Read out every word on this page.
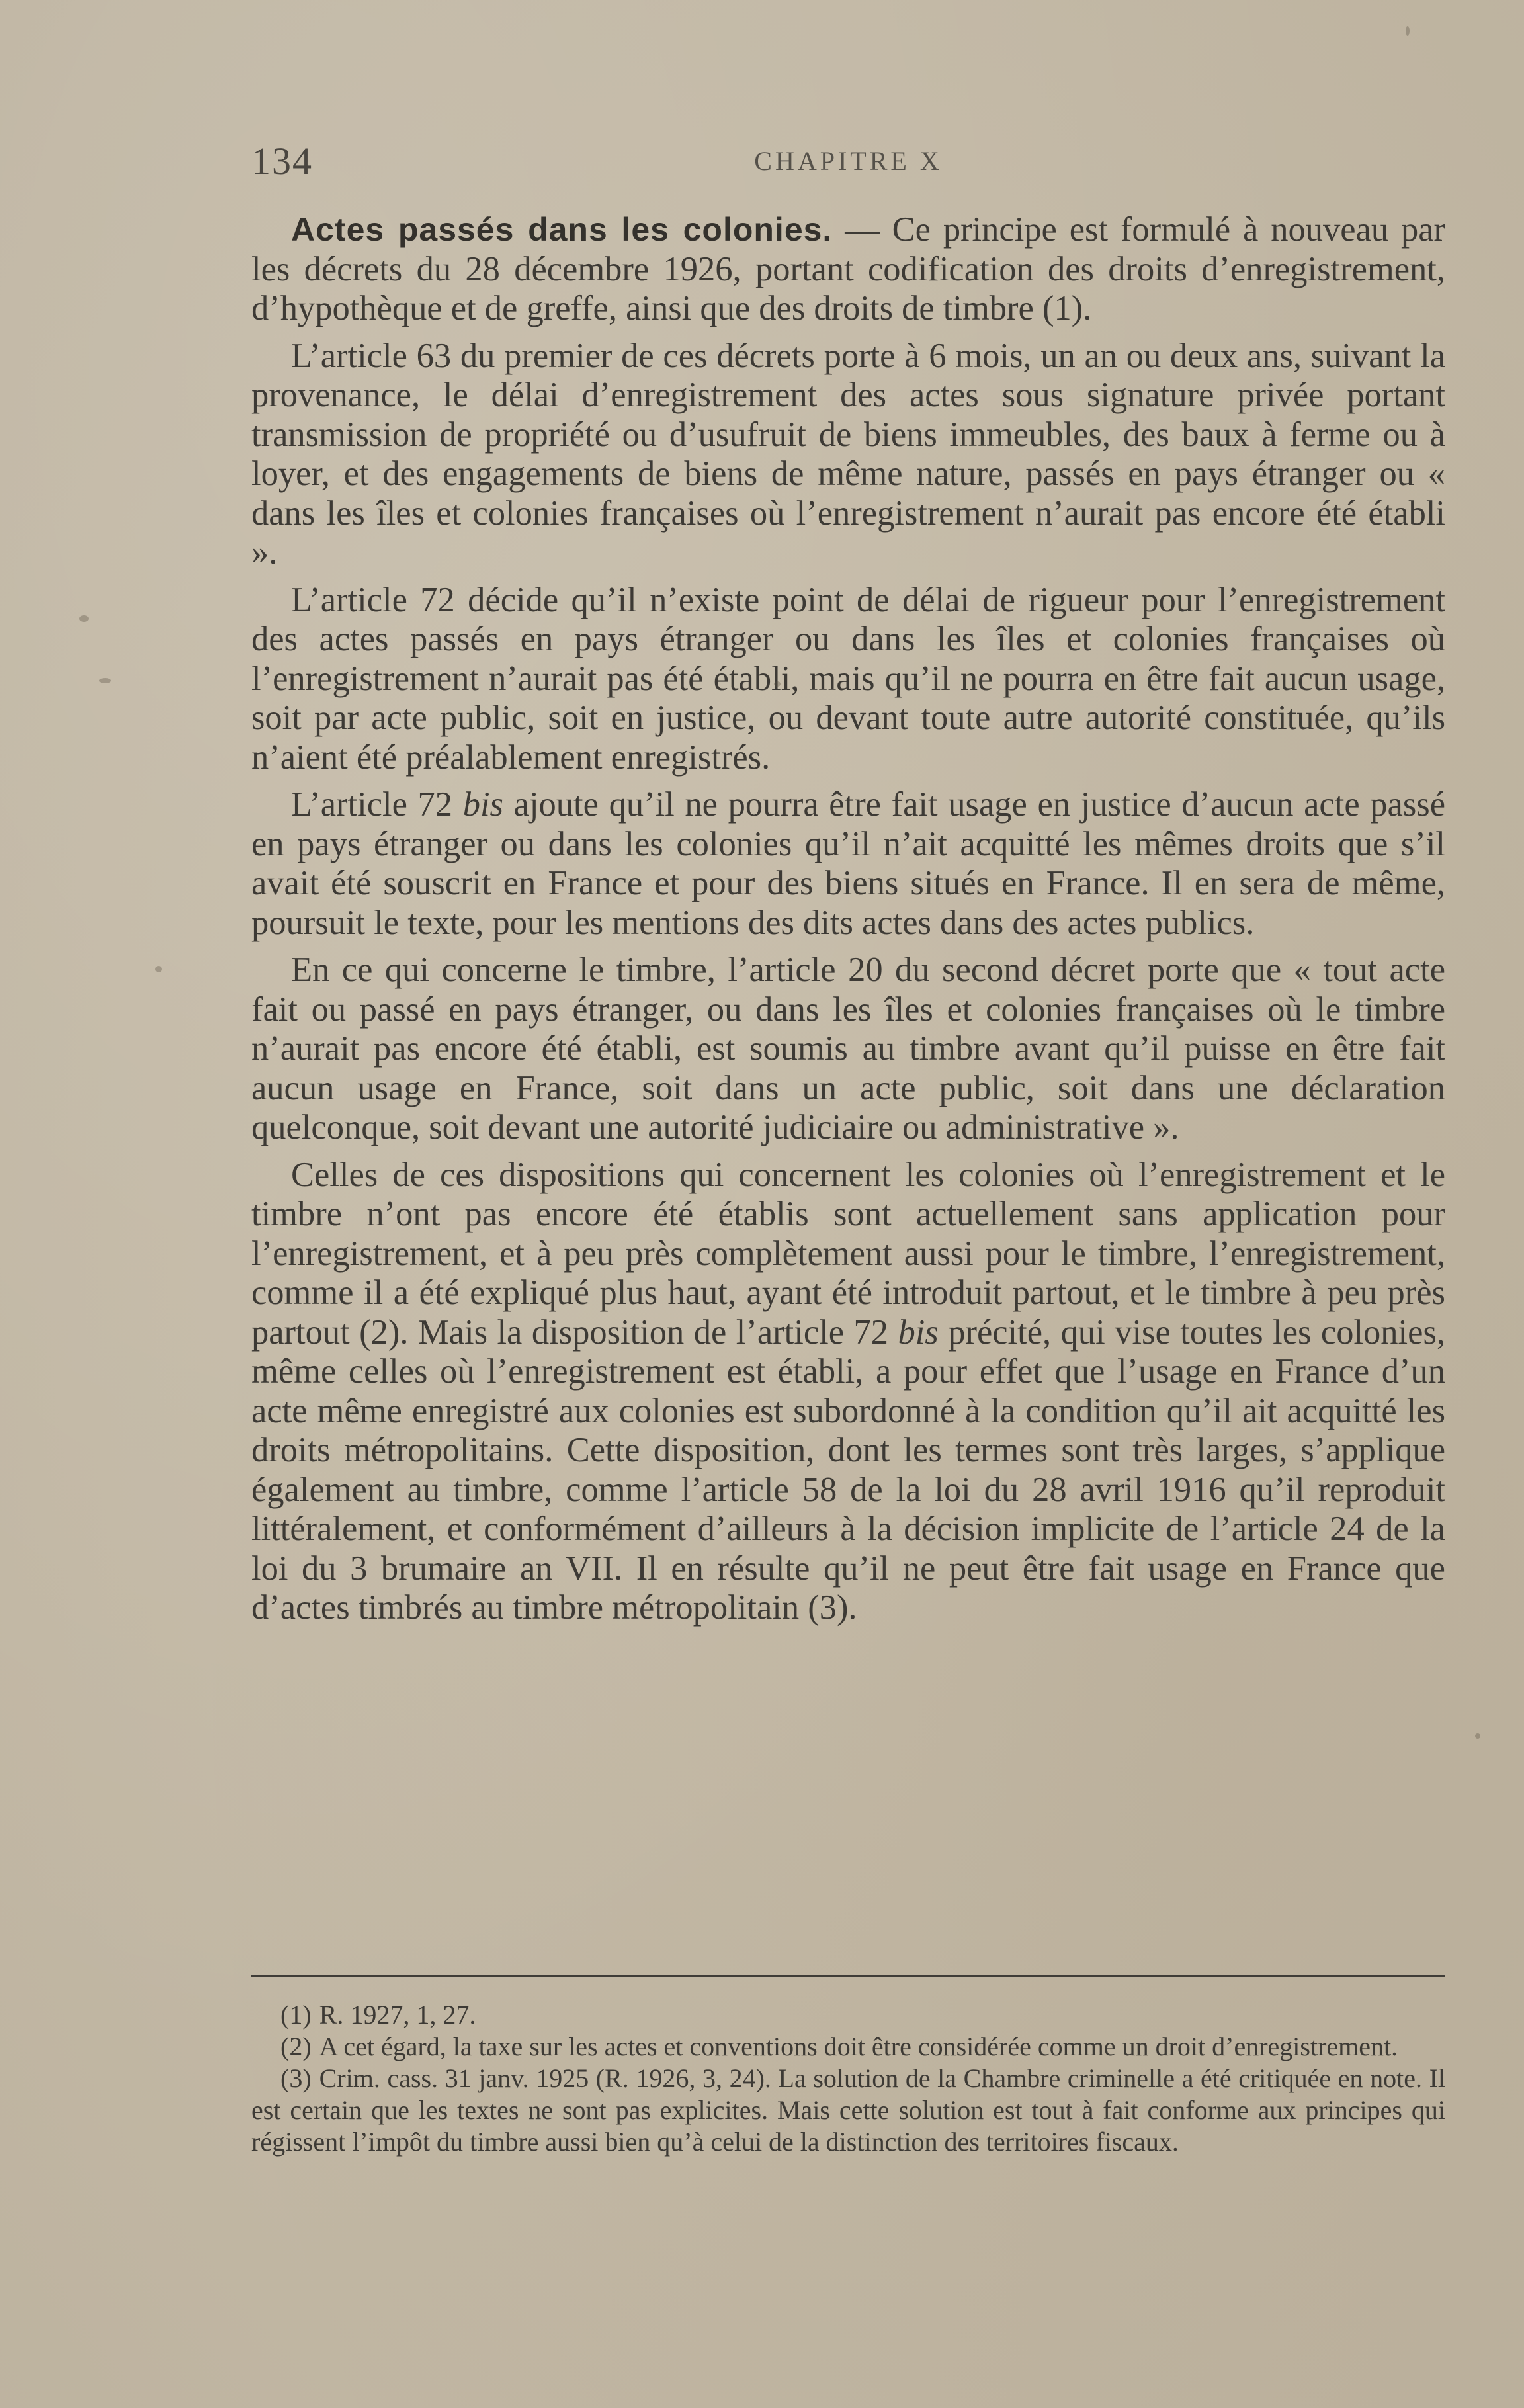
134	CHAPITRE X

Actes passés dans les colonies. — Ce principe est formulé à nouveau par les décrets du 28 décembre 1926, portant codification des droits d’enregistrement, d’hypothèque et de greffe, ainsi que des droits de timbre (1).

L’article 63 du premier de ces décrets porte à 6 mois, un an ou deux ans, suivant la provenance, le délai d’enregistrement des actes sous signature privée portant transmission de propriété ou d’usufruit de biens immeubles, des baux à ferme ou à loyer, et des engagements de biens de même nature, passés en pays étranger ou « dans les îles et colonies françaises où l’enregistrement n’aurait pas encore été établi ».

L’article 72 décide qu’il n’existe point de délai de rigueur pour l’enregistrement des actes passés en pays étranger ou dans les îles et colonies françaises où l’enregistrement n’aurait pas été établi, mais qu’il ne pourra en être fait aucun usage, soit par acte public, soit en justice, ou devant toute autre autorité constituée, qu’ils n’aient été préalablement enregistrés.

L’article 72 bis ajoute qu’il ne pourra être fait usage en justice d’aucun acte passé en pays étranger ou dans les colonies qu’il n’ait acquitté les mêmes droits que s’il avait été souscrit en France et pour des biens situés en France. Il en sera de même, poursuit le texte, pour les mentions des dits actes dans des actes publics.

En ce qui concerne le timbre, l’article 20 du second décret porte que « tout acte fait ou passé en pays étranger, ou dans les îles et colonies françaises où le timbre n’aurait pas encore été établi, est soumis au timbre avant qu’il puisse en être fait aucun usage en France, soit dans un acte public, soit dans une déclaration quelconque, soit devant une autorité judiciaire ou administrative ».

Celles de ces dispositions qui concernent les colonies où l’enregistrement et le timbre n’ont pas encore été établis sont actuellement sans application pour l’enregistrement, et à peu près complètement aussi pour le timbre, l’enregistrement, comme il a été expliqué plus haut, ayant été introduit partout, et le timbre à peu près partout (2). Mais la disposition de l’article 72 bis précité, qui vise toutes les colonies, même celles où l’enregistrement est établi, a pour effet que l’usage en France d’un acte même enregistré aux colonies est subordonné à la condition qu’il ait acquitté les droits métropolitains. Cette disposition, dont les termes sont très larges, s’applique également au timbre, comme l’article 58 de la loi du 28 avril 1916 qu’il reproduit littéralement, et conformément d’ailleurs à la décision implicite de l’article 24 de la loi du 3 brumaire an VII. Il en résulte qu’il ne peut être fait usage en France que d’actes timbrés au timbre métropolitain (3).

(1) R. 1927, 1, 27.

(2) A cet égard, la taxe sur les actes et conventions doit être considérée comme un droit d’enregistrement.

(3) Crim. cass. 31 janv. 1925 (R. 1926, 3, 24). La solution de la Chambre criminelle a été critiquée en note. Il est certain que les textes ne sont pas explicites. Mais cette solution est tout à fait conforme aux principes qui régissent l’impôt du timbre aussi bien qu’à celui de la distinction des territoires fiscaux.
